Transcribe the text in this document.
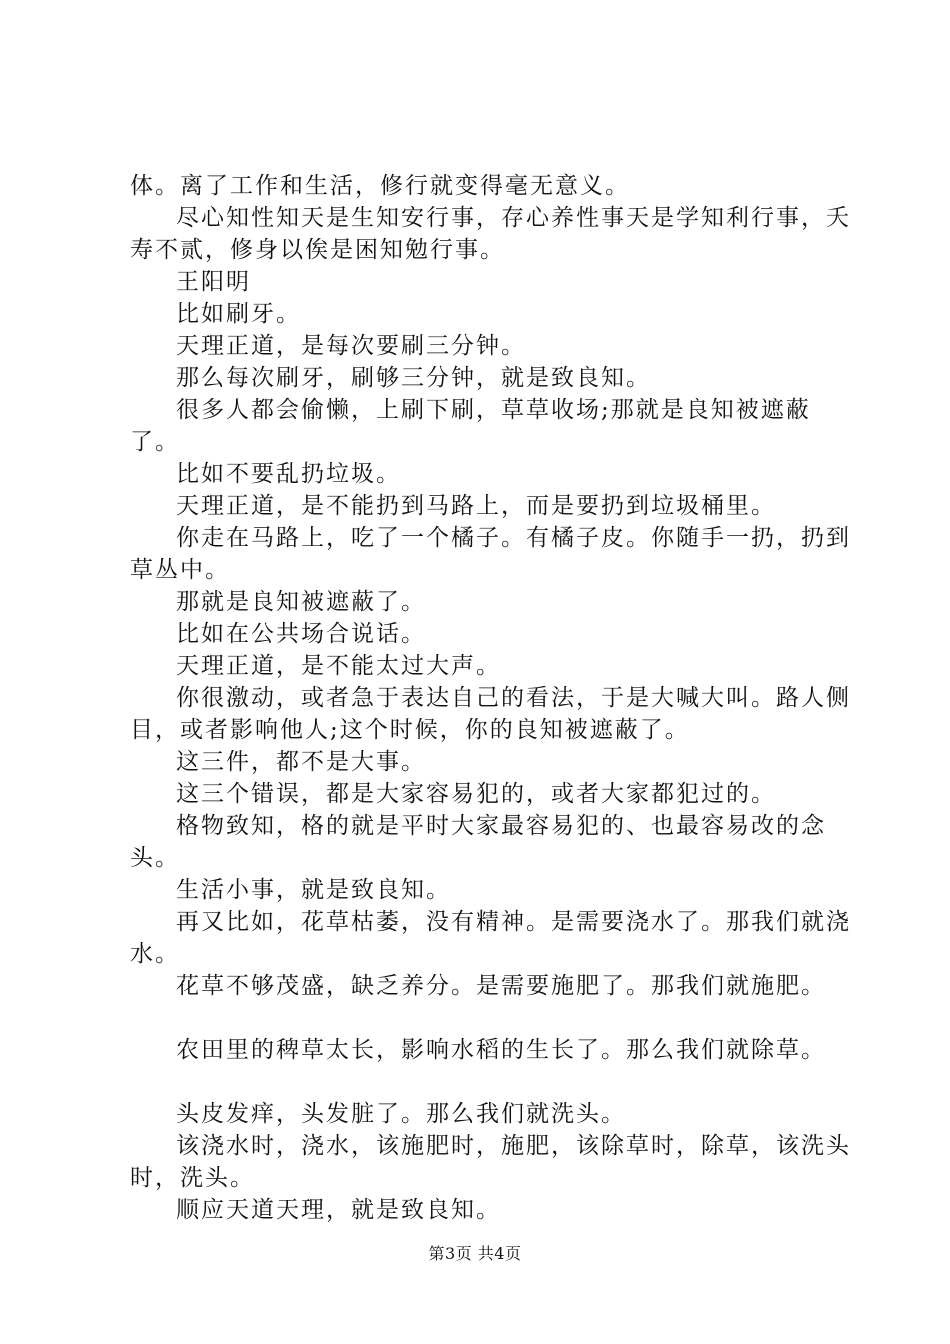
体。离了工作和生活，修行就变得毫无意义。

尽心知性知天是生知安行事，存心养性事天是学知利行事，夭寿不贰，修身以俟是困知勉行事。

王阳明

比如刷牙。

天理正道，是每次要刷三分钟。

那么每次刷牙，刷够三分钟，就是致良知。

很多人都会偷懒，上刷下刷，草草收场;那就是良知被遮蔽了。

比如不要乱扔垃圾。

天理正道，是不能扔到马路上，而是要扔到垃圾桶里。

你走在马路上，吃了一个橘子。有橘子皮。你随手一扔，扔到草丛中。

那就是良知被遮蔽了。

比如在公共场合说话。

天理正道，是不能太过大声。

你很激动，或者急于表达自己的看法，于是大喊大叫。路人侧目，或者影响他人;这个时候，你的良知被遮蔽了。

这三件，都不是大事。

这三个错误，都是大家容易犯的，或者大家都犯过的。

格物致知，格的就是平时大家最容易犯的、也最容易改的念头。

生活小事，就是致良知。

再又比如，花草枯萎，没有精神。是需要浇水了。那我们就浇水。

花草不够茂盛，缺乏养分。是需要施肥了。那我们就施肥。

农田里的稗草太长，影响水稻的生长了。那么我们就除草。

头皮发痒，头发脏了。那么我们就洗头。

该浇水时，浇水，该施肥时，施肥，该除草时，除草，该洗头时，洗头。

顺应天道天理，就是致良知。

第3页 共4页
